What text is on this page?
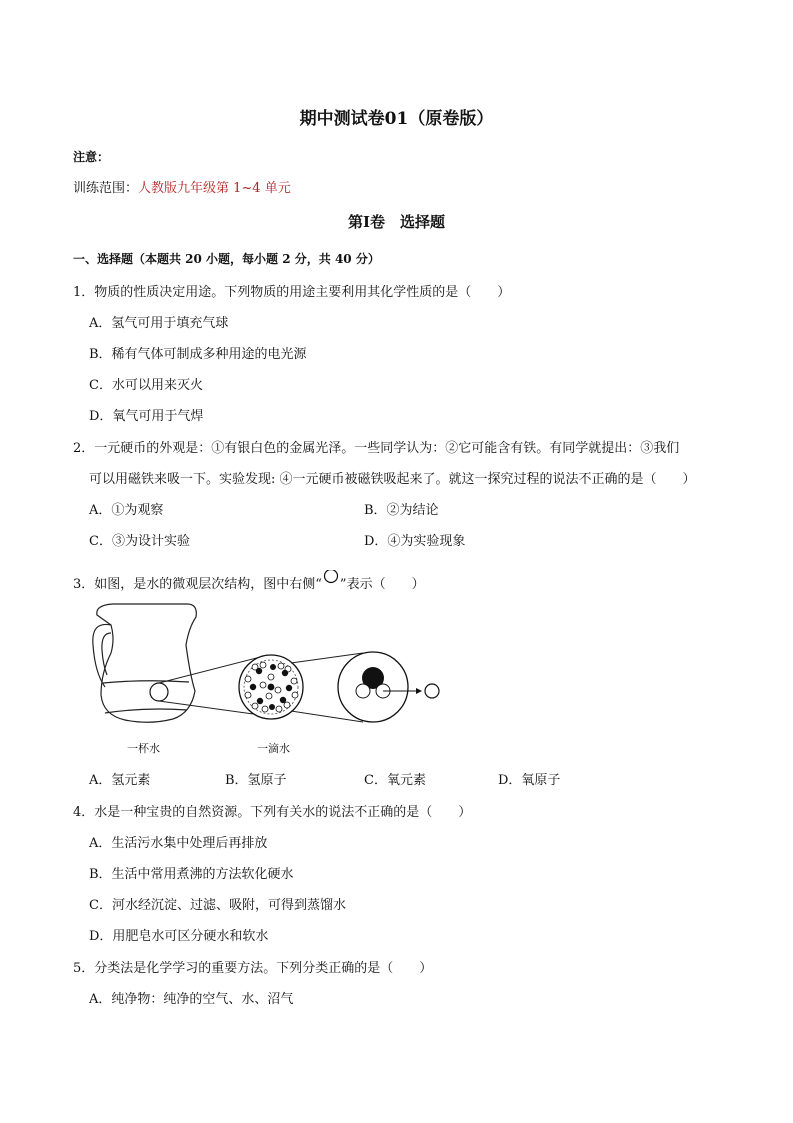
期中测试卷01（原卷版）
注意：
训练范围：人教版九年级第 1~4 单元
第Ⅰ卷　选择题
一、选择题（本题共 20 小题，每小题 2 分，共 40 分）
1．物质的性质决定用途。下列物质的用途主要利用其化学性质的是（　　）
A．氢气可用于填充气球
B．稀有气体可制成多种用途的电光源
C．水可以用来灭火
D．氧气可用于气焊
2．一元硬币的外观是：①有银白色的金属光泽。一些同学认为：②它可能含有铁。有同学就提出：③我们
可以用磁铁来吸一下。实验发现: ④一元硬币被磁铁吸起来了。就这一探究过程的说法不正确的是（　　）
A．①为观察	B．②为结论
C．③为设计实验	D．④为实验现象
3．如图，是水的微观层次结构，图中右侧“ ”表示（　　）
一杯水	一滴水
A．氢元素	B．氢原子	C．氧元素	D．氧原子
4．水是一种宝贵的自然资源。下列有关水的说法不正确的是（　　）
A．生活污水集中处理后再排放
B．生活中常用煮沸的方法软化硬水
C．河水经沉淀、过滤、吸附，可得到蒸馏水
D．用肥皂水可区分硬水和软水
5．分类法是化学学习的重要方法。下列分类正确的是（　　）
A．纯净物：纯净的空气、水、沼气
